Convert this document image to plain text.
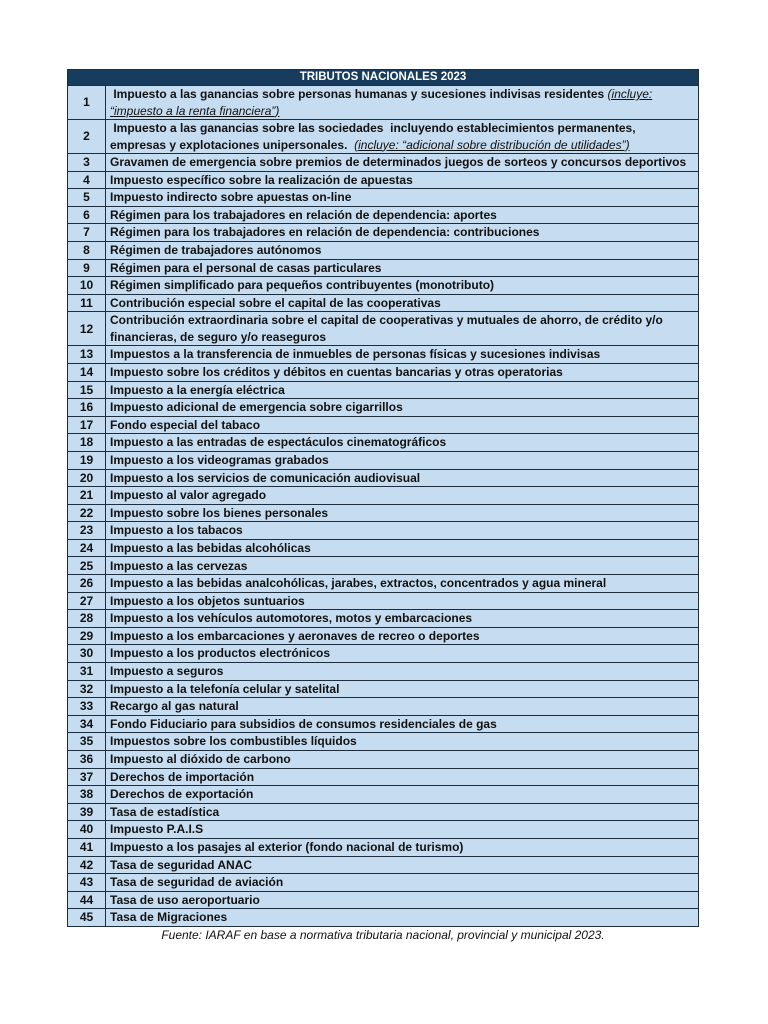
TRIBUTOS NACIONALES 2023	
1	Impuesto a las ganancias sobre personas humanas y sucesiones indivisas residentes (incluye: “impuesto a la renta financiera”)
2	Impuesto a las ganancias sobre las sociedades  incluyendo establecimientos permanentes, empresas y explotaciones unipersonales.  (incluye: “adicional sobre distribución de utilidades”)
3	Gravamen de emergencia sobre premios de determinados juegos de sorteos y concursos deportivos
4	Impuesto específico sobre la realización de apuestas
5	Impuesto indirecto sobre apuestas on-line
6	Régimen para los trabajadores en relación de dependencia: aportes
7	Régimen para los trabajadores en relación de dependencia: contribuciones
8	Régimen de trabajadores autónomos
9	Régimen para el personal de casas particulares
10	Régimen simplificado para pequeños contribuyentes (monotributo)
11	Contribución especial sobre el capital de las cooperativas
12	Contribución extraordinaria sobre el capital de cooperativas y mutuales de ahorro, de crédito y/o financieras, de seguro y/o reaseguros
13	Impuestos a la transferencia de inmuebles de personas físicas y sucesiones indivisas
14	Impuesto sobre los créditos y débitos en cuentas bancarias y otras operatorias
15	Impuesto a la energía eléctrica
16	Impuesto adicional de emergencia sobre cigarrillos
17	Fondo especial del tabaco
18	Impuesto a las entradas de espectáculos cinematográficos
19	Impuesto a los videogramas grabados
20	Impuesto a los servicios de comunicación audiovisual
21	Impuesto al valor agregado
22	Impuesto sobre los bienes personales
23	Impuesto a los tabacos
24	Impuesto a las bebidas alcohólicas
25	Impuesto a las cervezas
26	Impuesto a las bebidas analcohólicas, jarabes, extractos, concentrados y agua mineral
27	Impuesto a los objetos suntuarios
28	Impuesto a los vehículos automotores, motos y embarcaciones
29	Impuesto a los embarcaciones y aeronaves de recreo o deportes
30	Impuesto a los productos electrónicos
31	Impuesto a seguros
32	Impuesto a la telefonía celular y satelital
33	Recargo al gas natural
34	Fondo Fiduciario para subsidios de consumos residenciales de gas
35	Impuestos sobre los combustibles líquidos
36	Impuesto al dióxido de carbono
37	Derechos de importación
38	Derechos de exportación
39	Tasa de estadística
40	Impuesto P.A.I.S
41	Impuesto a los pasajes al exterior (fondo nacional de turismo)
42	Tasa de seguridad ANAC
43	Tasa de seguridad de aviación
44	Tasa de uso aeroportuario
45	Tasa de Migraciones
Fuente: IARAF en base a normativa tributaria nacional, provincial y municipal 2023.
